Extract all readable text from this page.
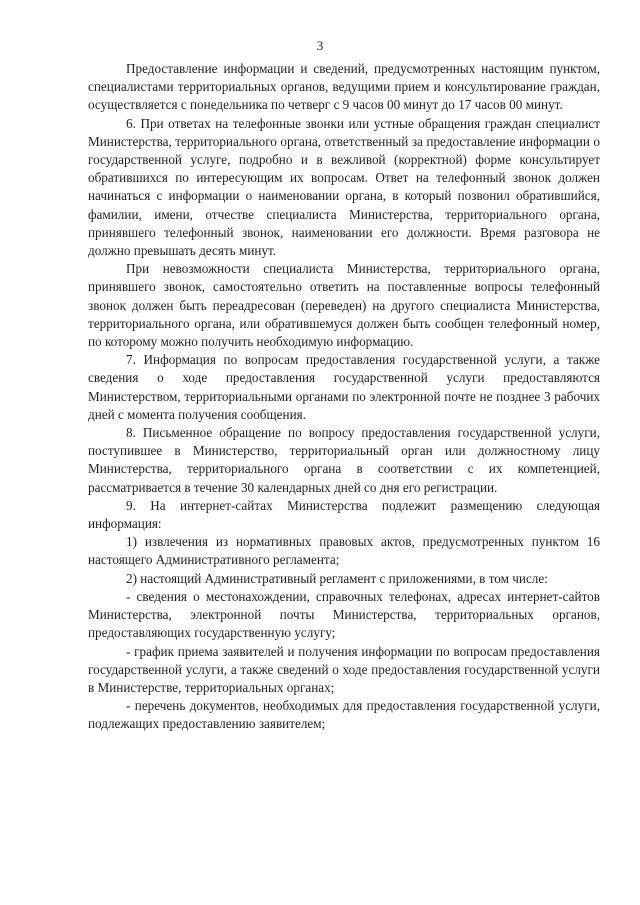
3

Предоставление информации и сведений, предусмотренных настоящим пунктом, специалистами территориальных органов, ведущими прием и консультирование граждан, осуществляется с понедельника по четверг с 9 часов 00 минут до 17 часов 00 минут.

6. При ответах на телефонные звонки или устные обращения граждан специалист Министерства, территориального органа, ответственный за предоставление информации о государственной услуге, подробно и в вежливой (корректной) форме консультирует обратившихся по интересующим их вопросам. Ответ на телефонный звонок должен начинаться с информации о наименовании органа, в который позвонил обратившийся, фамилии, имени, отчестве специалиста Министерства, территориального органа, принявшего телефонный звонок, наименовании его должности. Время разговора не должно превышать десять минут.

При невозможности специалиста Министерства, территориального органа, принявшего звонок, самостоятельно ответить на поставленные вопросы телефонный звонок должен быть переадресован (переведен) на другого специалиста Министерства, территориального органа, или обратившемуся должен быть сообщен телефонный номер, по которому можно получить необходимую информацию.

7. Информация по вопросам предоставления государственной услуги, а также сведения о ходе предоставления государственной услуги предоставляются Министерством, территориальными органами по электронной почте не позднее 3 рабочих дней с момента получения сообщения.

8. Письменное обращение по вопросу предоставления государственной услуги, поступившее в Министерство, территориальный орган или должностному лицу Министерства, территориального органа в соответствии с их компетенцией, рассматривается в течение 30 календарных дней со дня его регистрации.

9. На интернет-сайтах Министерства подлежит размещению следующая информация:

1) извлечения из нормативных правовых актов, предусмотренных пунктом 16 настоящего Административного регламента;

2) настоящий Административный регламент с приложениями, в том числе:

- сведения о местонахождении, справочных телефонах, адресах интернет-сайтов Министерства, электронной почты Министерства, территориальных органов, предоставляющих государственную услугу;

- график приема заявителей и получения информации по вопросам предоставления государственной услуги, а также сведений о ходе предоставления государственной услуги в Министерстве, территориальных органах;

- перечень документов, необходимых для предоставления государственной услуги, подлежащих предоставлению заявителем;
